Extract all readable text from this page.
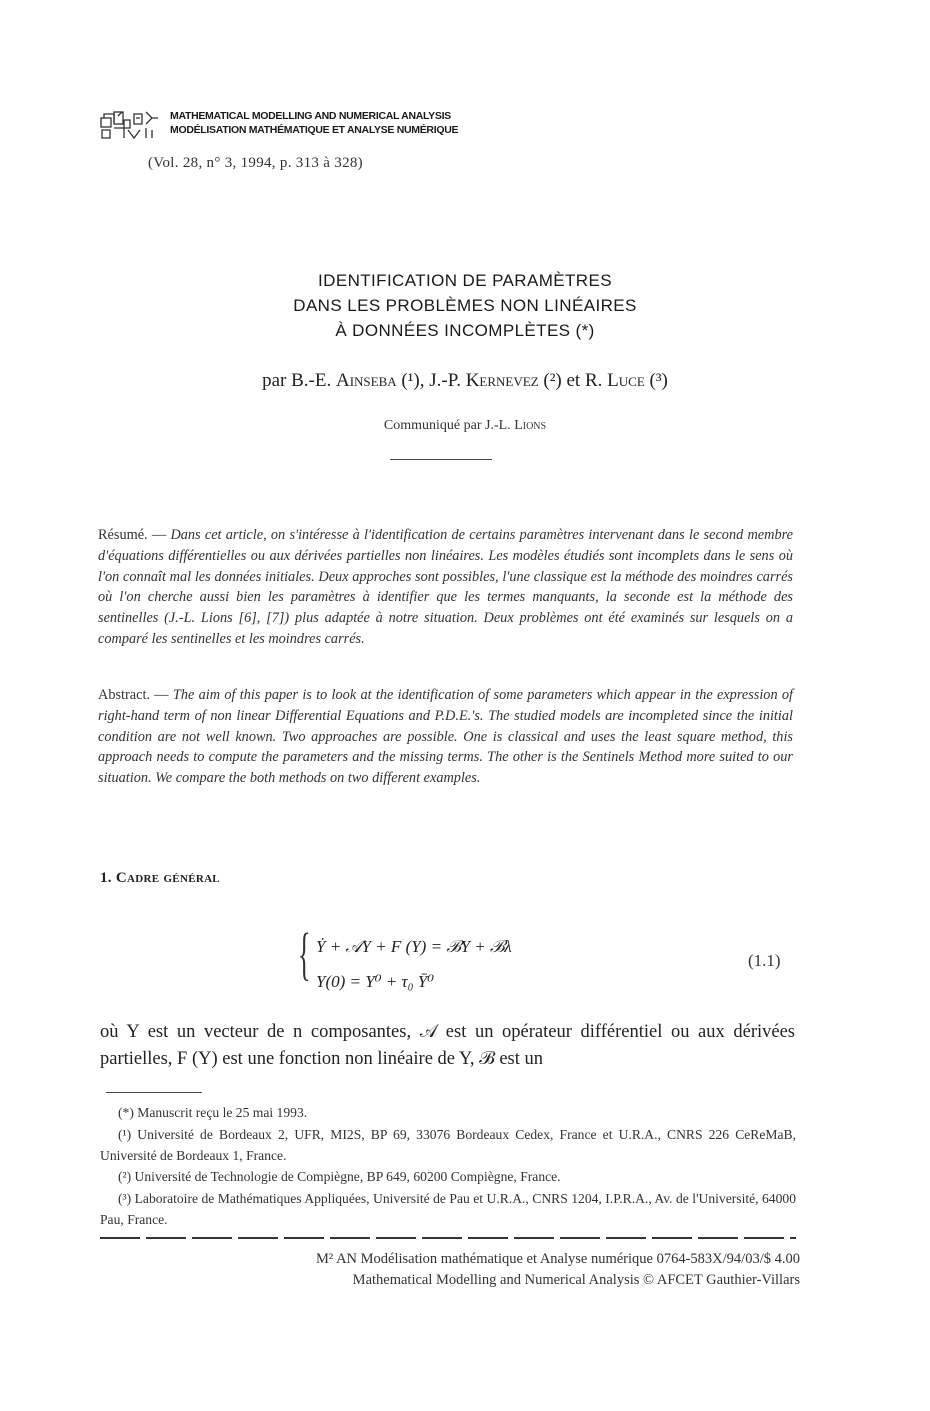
MATHEMATICAL MODELLING AND NUMERICAL ANALYSIS
MODÉLISATION MATHÉMATIQUE ET ANALYSE NUMÉRIQUE
(Vol. 28, n° 3, 1994, p. 313 à 328)
IDENTIFICATION DE PARAMÈTRES
DANS LES PROBLÈMES NON LINÉAIRES
À DONNÉES INCOMPLÈTES (*)
par B.-E. Ainseba (¹), J.-P. Kernevez (²) et R. Luce (³)
Communiqué par J.-L. Lions
Résumé. — Dans cet article, on s'intéresse à l'identification de certains paramètres intervenant dans le second membre d'équations différentielles ou aux dérivées partielles non linéaires. Les modèles étudiés sont incomplets dans le sens où l'on connaît mal les données initiales. Deux approches sont possibles, l'une classique est la méthode des moindres carrés où l'on cherche aussi bien les paramètres à identifier que les termes manquants, la seconde est la méthode des sentinelles (J.-L. Lions [6], [7]) plus adaptée à notre situation. Deux problèmes ont été examinés sur lesquels on a comparé les sentinelles et les moindres carrés.
Abstract. — The aim of this paper is to look at the identification of some parameters which appear in the expression of right-hand term of non linear Differential Equations and P.D.E.'s. The studied models are incompleted since the initial condition are not well known. Two approaches are possible. One is classical and uses the least square method, this approach needs to compute the parameters and the missing terms. The other is the Sentinels Method more suited to our situation. We compare the both methods on two different examples.
1. Cadre général
{ Ẏ + 𝒜Y + F (Y) = ℬY + ℬλ
Y(0) = Y⁰ + τ₀ Ȳ⁰
(1.1)
où Y est un vecteur de n composantes, 𝒜 est un opérateur différentiel ou aux dérivées partielles, F (Y) est une fonction non linéaire de Y, ℬ est un
(*) Manuscrit reçu le 25 mai 1993.
(¹) Université de Bordeaux 2, UFR, MI2S, BP 69, 33076 Bordeaux Cedex, France et U.R.A., CNRS 226 CeReMaB, Université de Bordeaux 1, France.
(²) Université de Technologie de Compiègne, BP 649, 60200 Compiègne, France.
(³) Laboratoire de Mathématiques Appliquées, Université de Pau et U.R.A., CNRS 1204, I.P.R.A., Av. de l'Université, 64000 Pau, France.
M² AN Modélisation mathématique et Analyse numérique 0764-583X/94/03/$ 4.00
Mathematical Modelling and Numerical Analysis © AFCET Gauthier-Villars
